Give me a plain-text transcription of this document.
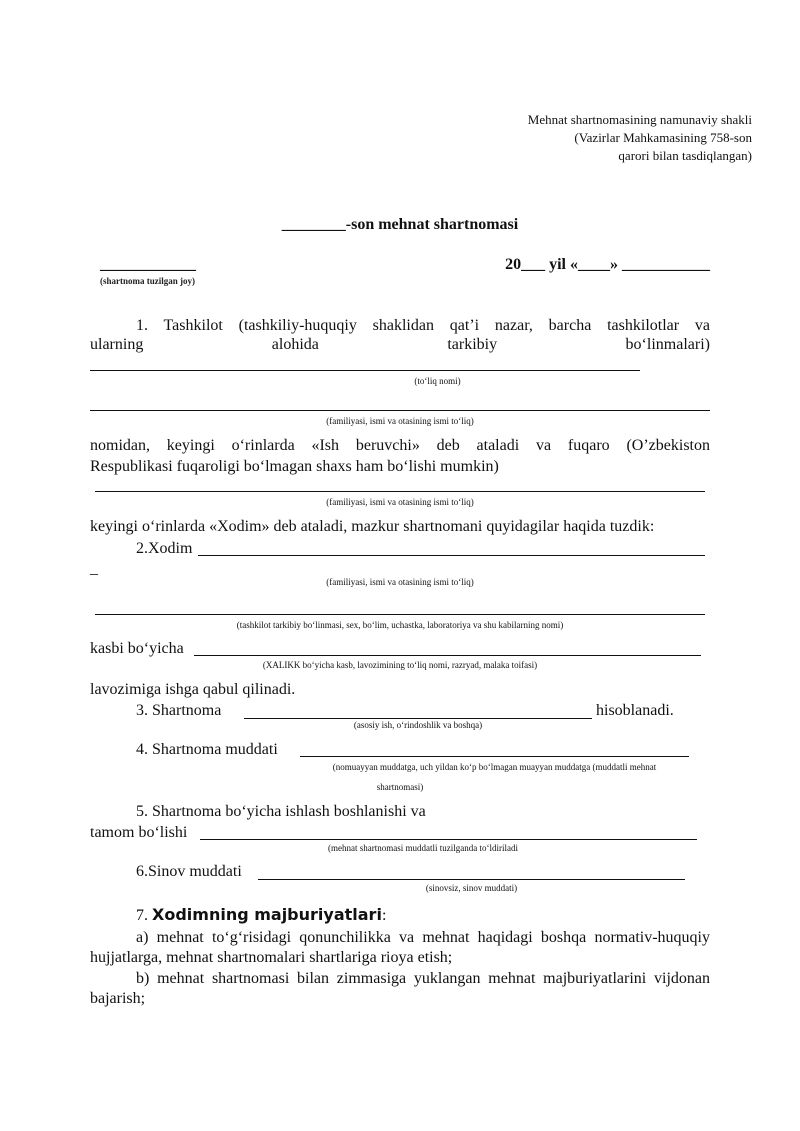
Mehnat shartnomasining namunaviy shakli
(Vazirlar Mahkamasining 758-son
qarori bilan tasdiqlangan)
________-son mehnat shartnomasi
____________
(shartnoma tuzilgan joy)
20___ yil «____» ___________
1. Tashkilot (tashkiliy-huquqiy shaklidan qat’i nazar, barcha tashkilotlar va
ularning	alohida	tarkibiy	bo‘linmalari)
(to‘liq nomi)
(familiyasi, ismi va otasining ismi to‘liq)
nomidan, keyingi o‘rinlarda «Ish beruvchi» deb ataladi va fuqaro (O’zbekiston
Respublikasi fuqaroligi bo‘lmagan shaxs ham bo‘lishi mumkin)
(familiyasi, ismi va otasining ismi to‘liq)
keyingi o‘rinlarda «Xodim» deb ataladi, mazkur shartnomani quyidagilar haqida tuzdik:
2.Xodim
_
(familiyasi, ismi va otasining ismi to‘liq)
(tashkilot tarkibiy bo‘linmasi, sex, bo‘lim, uchastka, laboratoriya va shu kabilarning nomi)
kasbi bo‘yicha
(XALIKK bo‘yicha kasb, lavozimining to‘liq nomi, razryad, malaka toifasi)
lavozimiga ishga qabul qilinadi.
3. Shartnoma	hisoblanadi.
(asosiy ish, o‘rindoshlik va boshqa)
4. Shartnoma muddati
(nomuayyan muddatga, uch yildan ko‘p bo‘lmagan muayyan muddatga (muddatli mehnat
shartnomasi)
5. Shartnoma bo‘yicha ishlash boshlanishi va
tamom bo‘lishi
(mehnat shartnomasi muddatli tuzilganda to‘ldiriladi
6.Sinov muddati
(sinovsiz, sinov muddati)
7. Xodimning majburiyatlari:
a) mehnat to‘g‘risidagi qonunchilikka va mehnat haqidagi boshqa normativ-huquqiy hujjatlarga, mehnat shartnomalari shartlariga rioya etish;
b) mehnat shartnomasi bilan zimmasiga yuklangan mehnat majburiyatlarini vijdonan bajarish;
